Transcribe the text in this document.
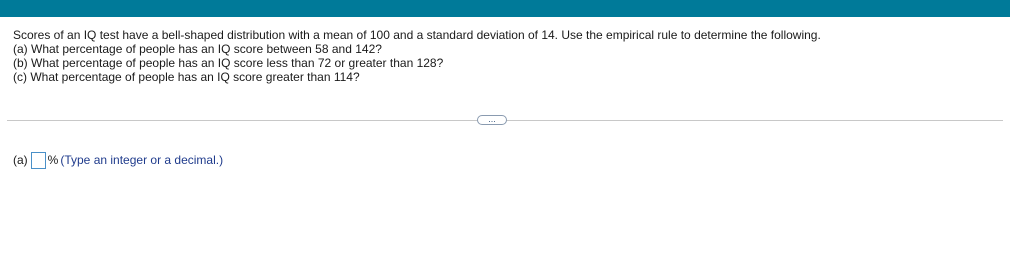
Scores of an IQ test have a bell-shaped distribution with a mean of 100 and a standard deviation of 14. Use the empirical rule to determine the following.
(a) What percentage of people has an IQ score between 58 and 142?
(b) What percentage of people has an IQ score less than 72 or greater than 128?
(c) What percentage of people has an IQ score greater than 114?
...
(a) % (Type an integer or a decimal.)
